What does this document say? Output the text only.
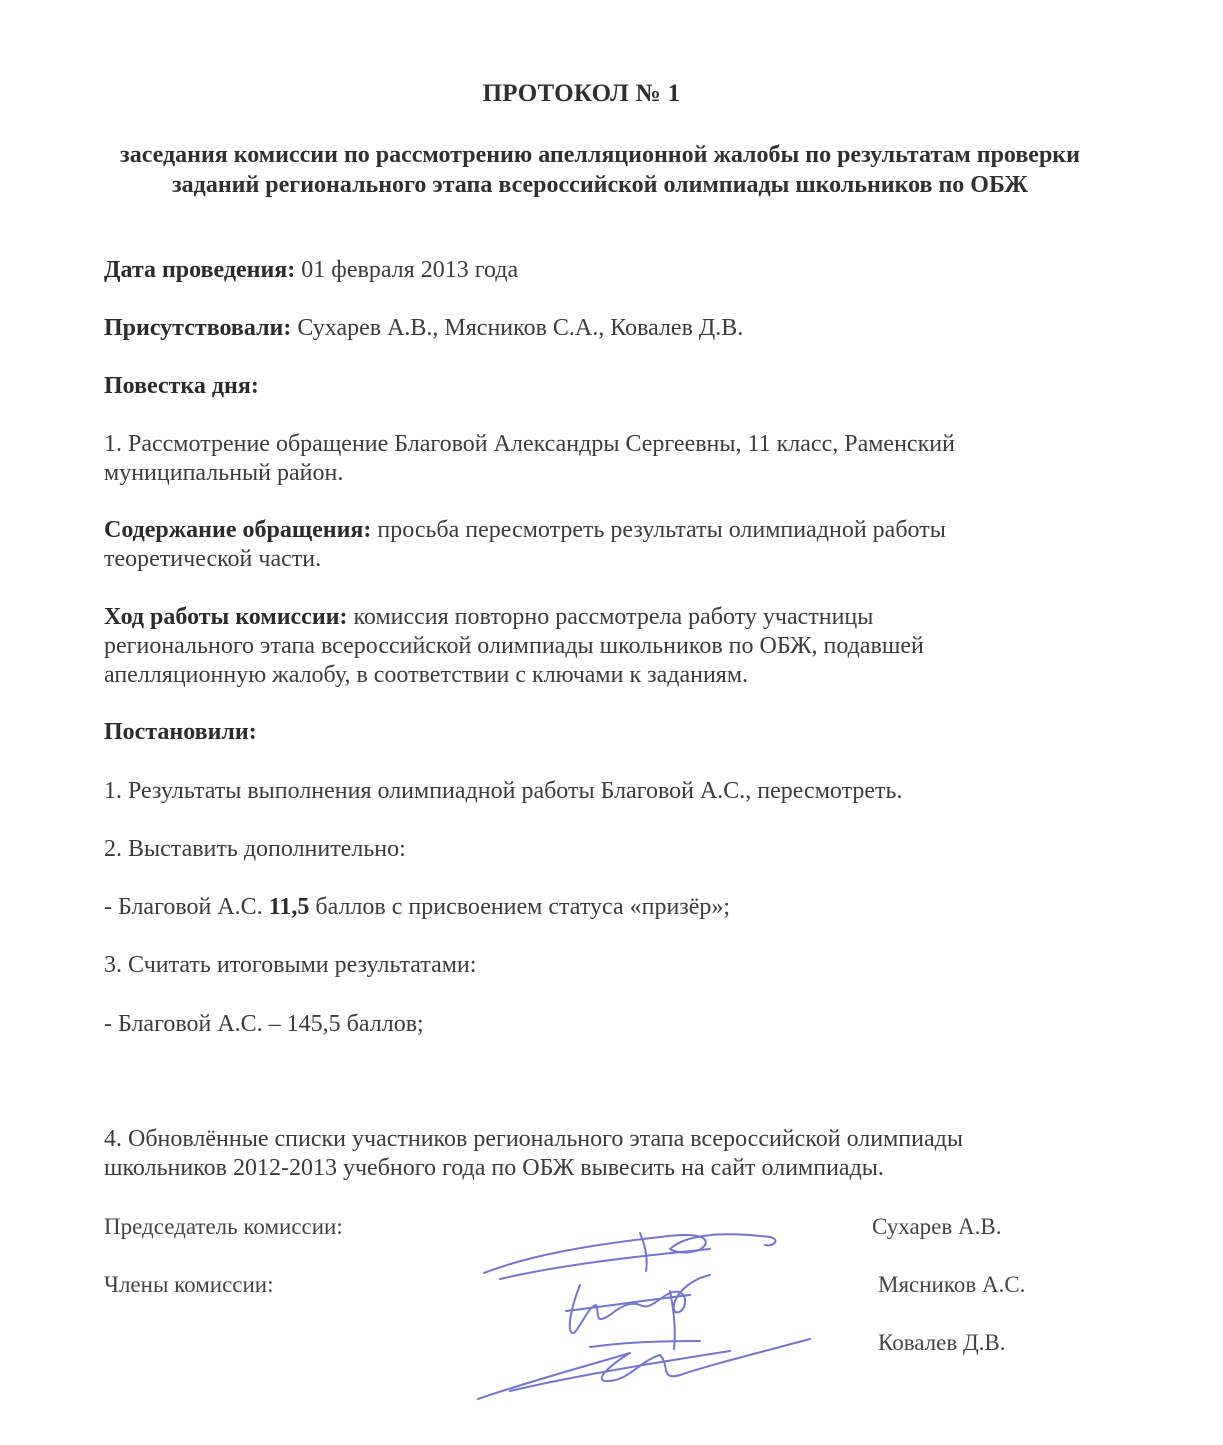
ПРОТОКОЛ № 1
заседания комиссии по рассмотрению апелляционной жалобы по результатам проверки заданий регионального этапа всероссийской олимпиады школьников по ОБЖ
Дата проведения: 01 февраля 2013 года
Присутствовали: Сухарев А.В., Мясников С.А., Ковалев Д.В.
Повестка дня:
1. Рассмотрение обращение Благовой Александры Сергеевны, 11 класс, Раменский муниципальный район.
Содержание обращения: просьба пересмотреть результаты олимпиадной работы теоретической части.
Ход работы комиссии: комиссия повторно рассмотрела работу участницы регионального этапа всероссийской олимпиады школьников по ОБЖ, подавшей апелляционную жалобу, в соответствии с ключами к заданиям.
Постановили:
1. Результаты выполнения олимпиадной работы Благовой А.С., пересмотреть.
2. Выставить дополнительно:
- Благовой А.С. 11,5 баллов с присвоением статуса «призёр»;
3. Считать итоговыми результатами:
- Благовой А.С. – 145,5 баллов;
4. Обновлённые списки участников регионального этапа всероссийской олимпиады школьников 2012-2013 учебного года по ОБЖ вывесить на сайт олимпиады.
Председатель комиссии:	Сухарев А.В.
Члены комиссии:	Мясников А.С.
Ковалев Д.В.
